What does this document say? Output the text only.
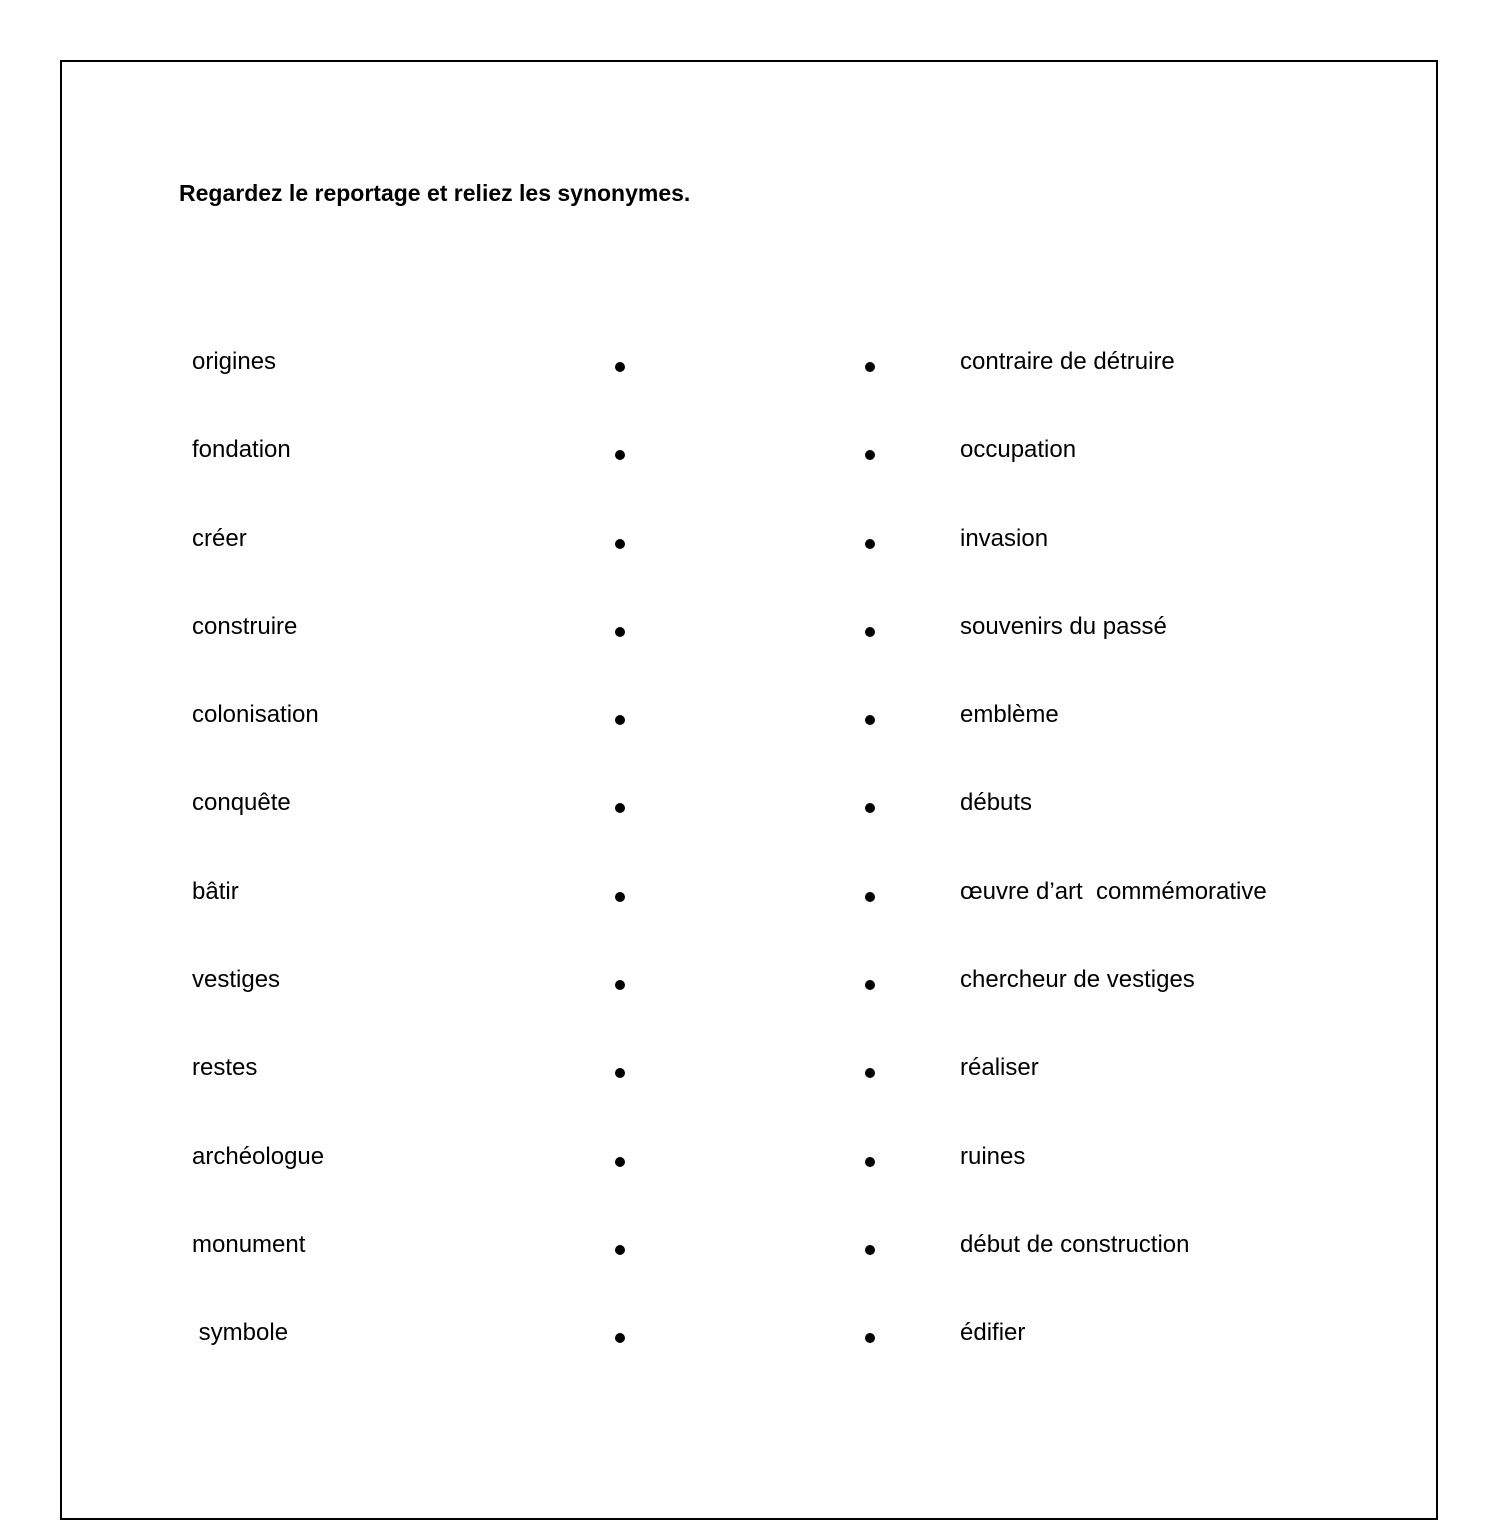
Regardez le reportage et reliez les synonymes.
origines	contraire de détruire
fondation	occupation
créer	invasion
construire	souvenirs du passé
colonisation	emblème
conquête	débuts
bâtir	œuvre d’art  commémorative
vestiges	chercheur de vestiges
restes	réaliser
archéologue	ruines
monument	début de construction
symbole	édifier
